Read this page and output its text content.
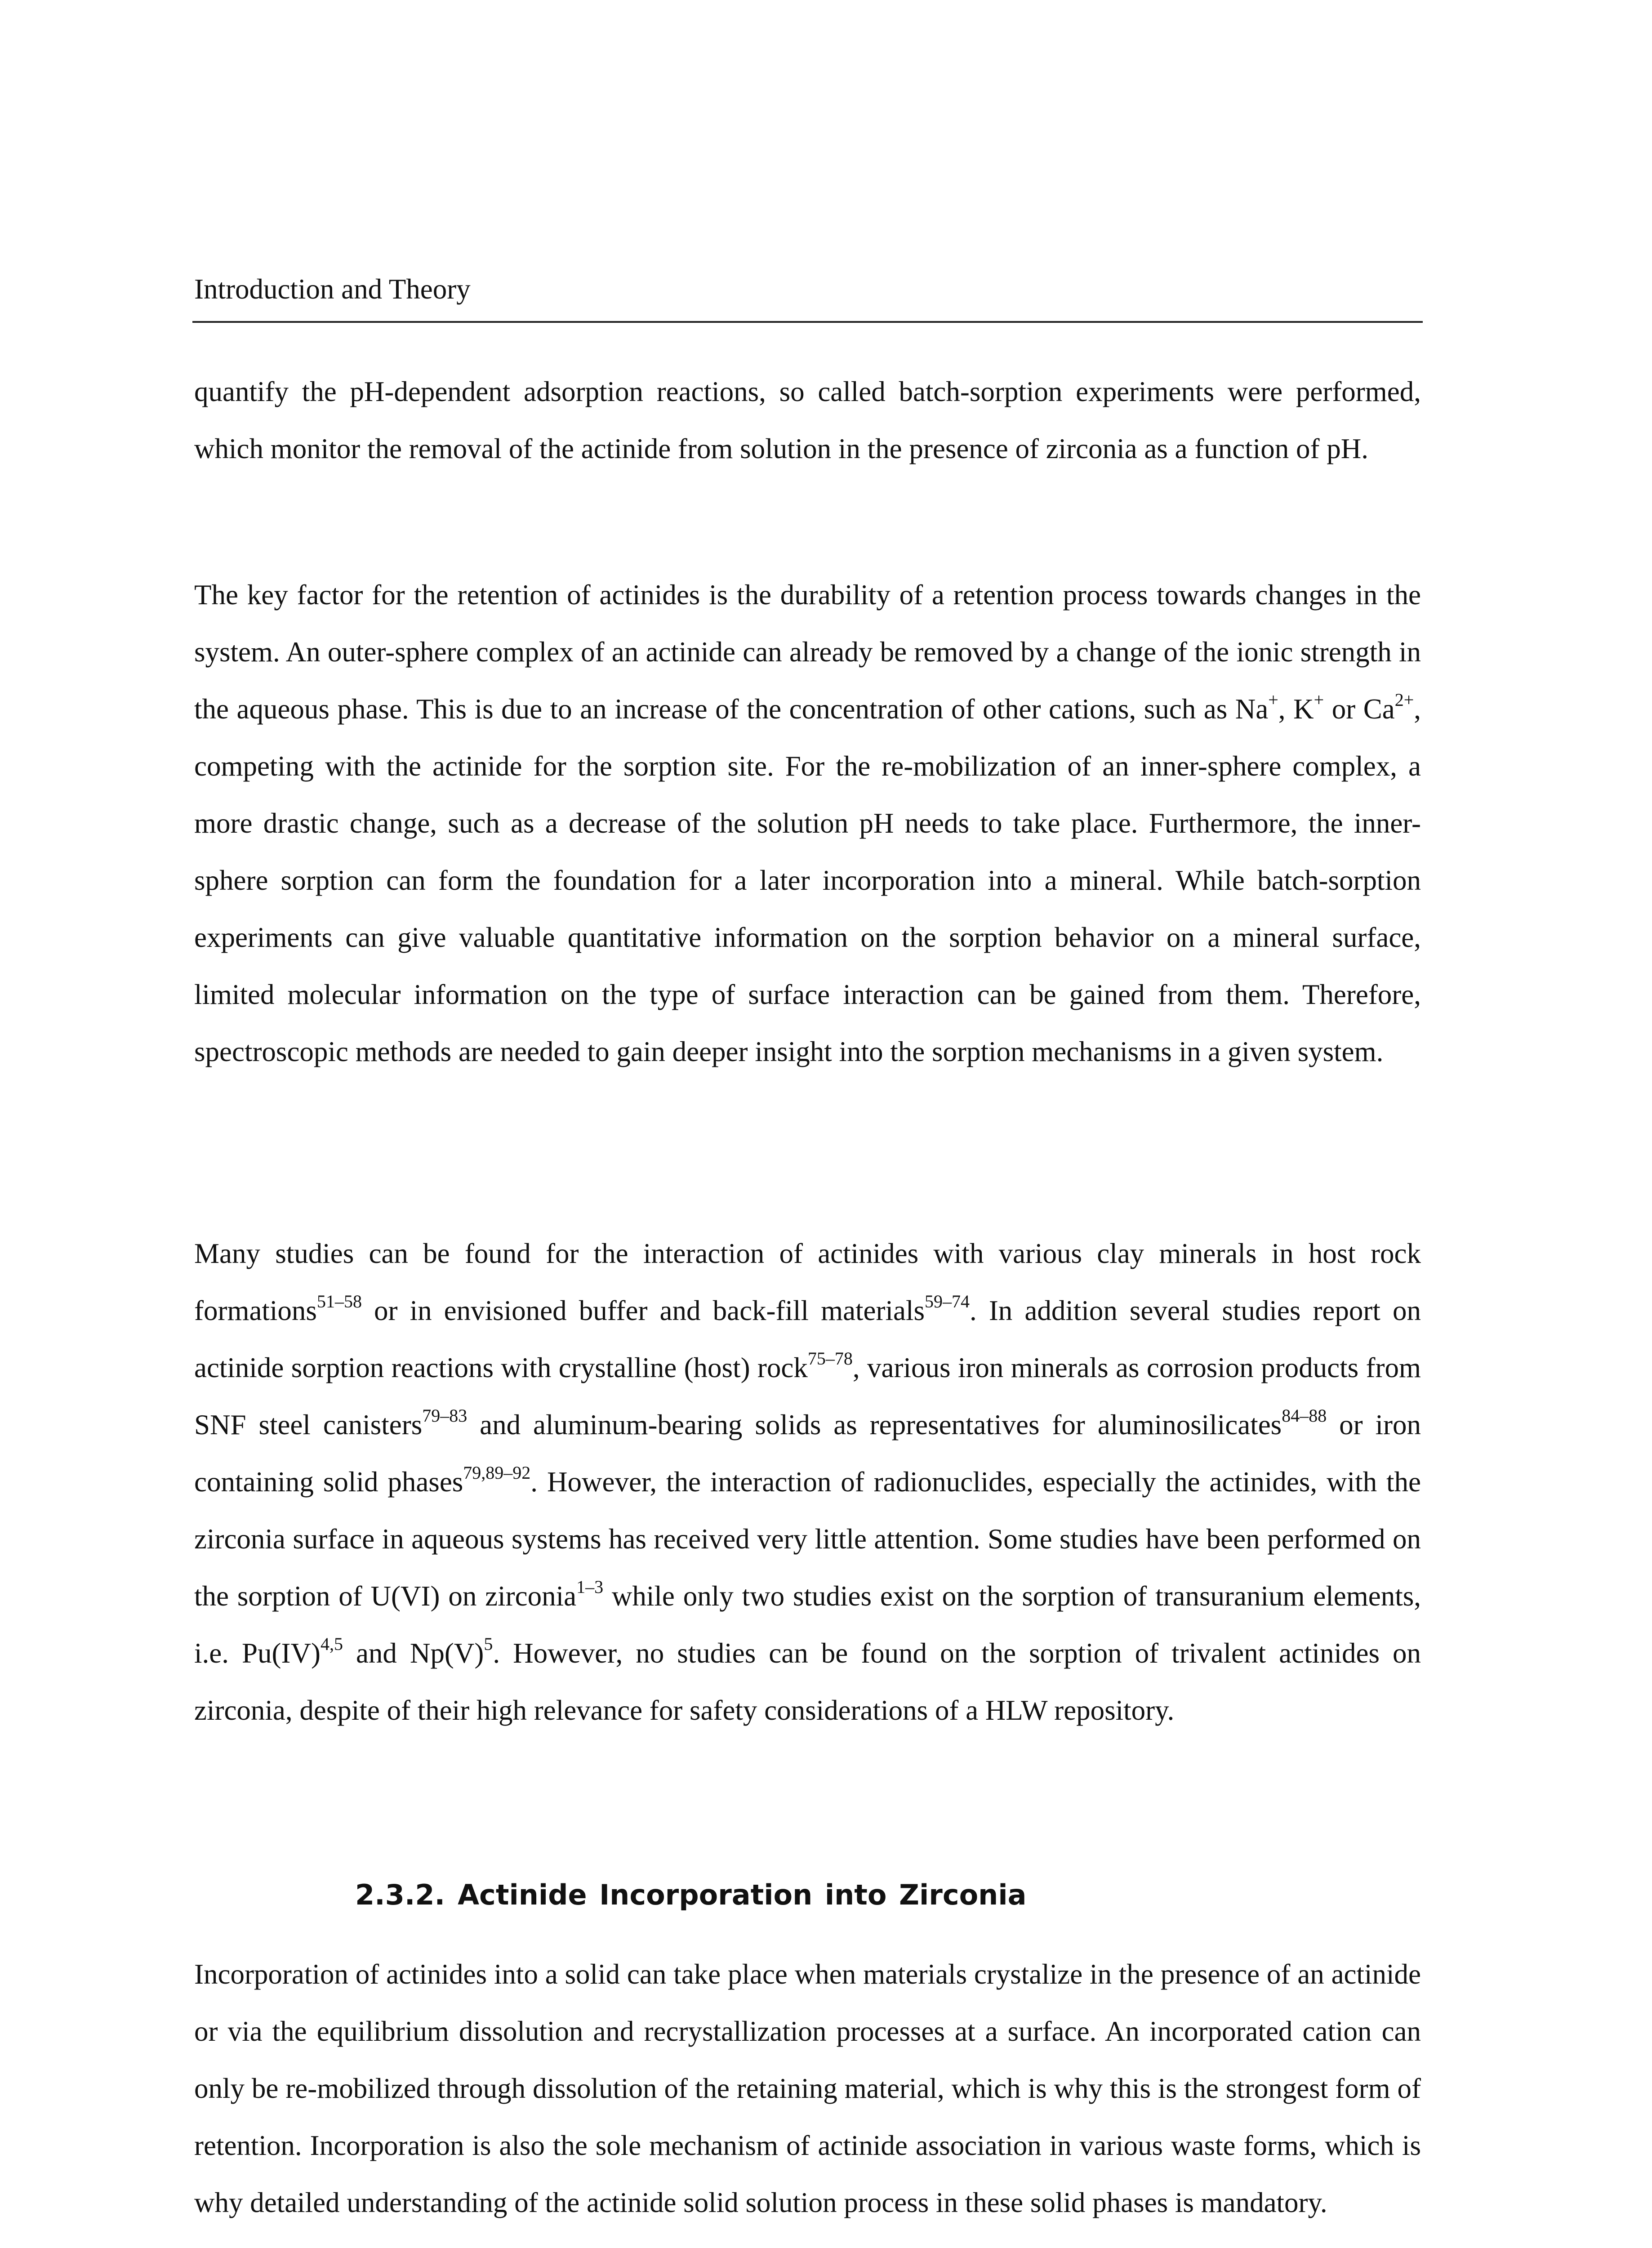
Introduction and Theory

quantify the pH-dependent adsorption reactions, so called batch-sorption experiments were performed, which monitor the removal of the actinide from solution in the presence of zirconia as a function of pH.

The key factor for the retention of actinides is the durability of a retention process towards changes in the system. An outer-sphere complex of an actinide can already be removed by a change of the ionic strength in the aqueous phase. This is due to an increase of the concentration of other cations, such as Na+, K+ or $Ca^{2+}$, competing with the actinide for the sorption site. For the re-mobilization of an inner-sphere complex, a more drastic change, such as a decrease of the solution pH needs to take place. Furthermore, the inner-sphere sorption can form the foundation for a later incorporation into a mineral. While batch-sorption experiments can give valuable quantitative information on the sorption behavior on a mineral surface, limited molecular information on the type of surface interaction can be gained from them. Therefore, spectroscopic methods are needed to gain deeper insight into the sorption mechanisms in a given system.

Many studies can be found for the interaction of actinides with various clay minerals in host rock formations$^{51-58}$ or in envisioned buffer and back-fill materials$^{59-74}$. In addition several studies report on actinide sorption reactions with crystalline (host) rock$^{75-78}$, various iron minerals as corrosion products from SNF steel canisters$^{79-83}$ and aluminum-bearing solids as representatives for aluminosilicates$^{84-88}$ or iron containing solid phases$^{79,89-92}$. However, the interaction of radionuclides, especially the actinides, with the zirconia surface in aqueous systems has received very little attention. Some studies have been performed on the sorption of U(VI) on zirconia$^{1-3}$ while only two studies exist on the sorption of transuranium elements, i.e. Pu(IV)$^{4,5}$ and $Np(V)^5$. However, no studies can be found on the sorption of trivalent actinides on zirconia, despite of their high relevance for safety considerations of a HLW repository.

2.3.2. Actinide Incorporation into Zirconia

Incorporation of actinides into a solid can take place when materials crystalize in the presence of an actinide or via the equilibrium dissolution and recrystallization processes at a surface. An incorporated cation can only be re-mobilized through dissolution of the retaining material, which is why this is the strongest form of retention. Incorporation is also the sole mechanism of actinide association in various waste forms, which is why detailed understanding of the actinide solid solution process in these solid phases is mandatory.
